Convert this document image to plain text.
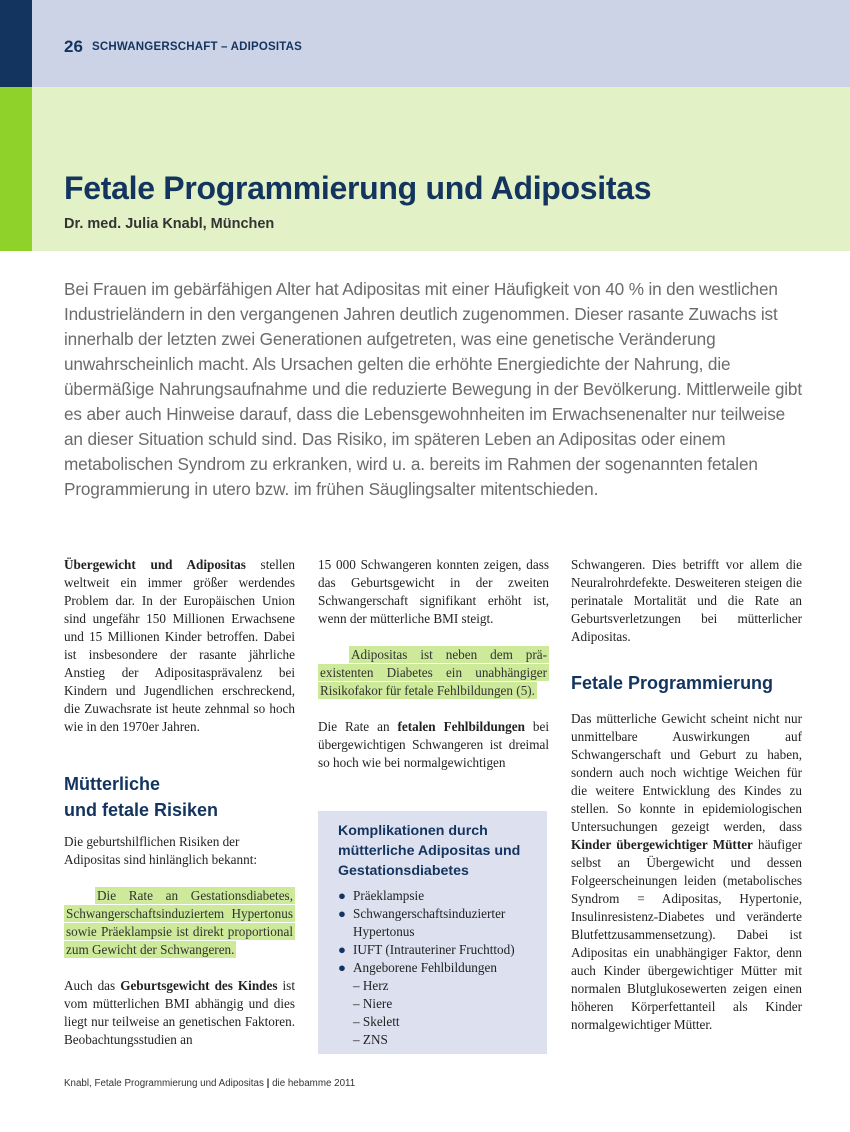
26 SCHWANGERSCHAFT – ADIPOSITAS
Fetale Programmierung und Adipositas
Dr. med. Julia Knabl, München

Bei Frauen im gebärfähigen Alter hat Adipositas mit einer Häufigkeit von 40 % in den westlichen Industrieländern in den vergangenen Jahren deutlich zugenommen. Dieser rasante Zuwachs ist innerhalb der letzten zwei Generationen aufgetreten, was eine genetische Veränderung unwahrscheinlich macht. Als Ursachen gelten die erhöhte Energiedichte der Nahrung, die übermäßige Nahrungsaufnahme und die reduzierte Bewegung in der Bevölkerung. Mittlerweile gibt es aber auch Hinweise darauf, dass die Lebensgewohnheiten im Erwachsenenalter nur teilweise an dieser Situation schuld sind. Das Risiko, im späteren Leben an Adipositas oder einem metabolischen Syndrom zu erkranken, wird u. a. bereits im Rahmen der sogenannten fetalen Programmierung in utero bzw. im frühen Säuglingsalter mitentschieden.

Übergewicht und Adipositas stellen weltweit ein immer größer werdendes Problem dar. In der Europäischen Union sind ungefähr 150 Millionen Erwachsene und 15 Millionen Kinder betroffen. Dabei ist insbesondere der rasante jährliche Anstieg der Adipositasprävalenz bei Kindern und Jugendlichen erschreckend, die Zuwachsrate ist heute zehnmal so hoch wie in den 1970er Jahren.

Mütterliche
und fetale Risiken

Die geburtshilflichen Risiken der Adipositas sind hinlänglich bekannt:

Die Rate an Gestationsdiabetes, Schwangerschaftsinduziertem Hypertonus sowie Präeklampsie ist direkt proportional zum Gewicht der Schwangeren.

Auch das Geburtsgewicht des Kindes ist vom mütterlichen BMI abhängig und dies liegt nur teilweise an genetischen Faktoren. Beobachtungsstudien an

15 000 Schwangeren konnten zeigen, dass das Geburtsgewicht in der zweiten Schwangerschaft signifikant erhöht ist, wenn der mütterliche BMI steigt.

Adipositas ist neben dem prä-existenten Diabetes ein unabhängiger Risikofakor für fetale Fehlbildungen (5).

Die Rate an fetalen Fehlbildungen bei übergewichtigen Schwangeren ist dreimal so hoch wie bei normalgewichtigen

Komplikationen durch mütterliche Adipositas und Gestationsdiabetes
● Präeklampsie
● Schwangerschaftsinduzierter Hypertonus
● IUFT (Intrauteriner Fruchttod)
● Angeborene Fehlbildungen
– Herz
– Niere
– Skelett
– ZNS

Schwangeren. Dies betrifft vor allem die Neuralrohrdefekte. Desweiteren steigen die perinatale Mortalität und die Rate an Geburtsverletzungen bei mütterlicher Adipositas.

Fetale Programmierung

Das mütterliche Gewicht scheint nicht nur unmittelbare Auswirkungen auf Schwangerschaft und Geburt zu haben, sondern auch noch wichtige Weichen für die weitere Entwicklung des Kindes zu stellen. So konnte in epidemiologischen Untersuchungen gezeigt werden, dass Kinder übergewichtiger Mütter häufiger selbst an Übergewicht und dessen Folgeerscheinungen leiden (metabolisches Syndrom = Adipositas, Hypertonie, Insulinresistenz-Diabetes und veränderte Blutfettzusammensetzung). Dabei ist Adipositas ein unabhängiger Faktor, denn auch Kinder übergewichtiger Mütter mit normalen Blutglukosewerten zeigen einen höheren Körperfettanteil als Kinder normalgewichtiger Mütter.

Knabl, Fetale Programmierung und Adipositas | die hebamme 2011
